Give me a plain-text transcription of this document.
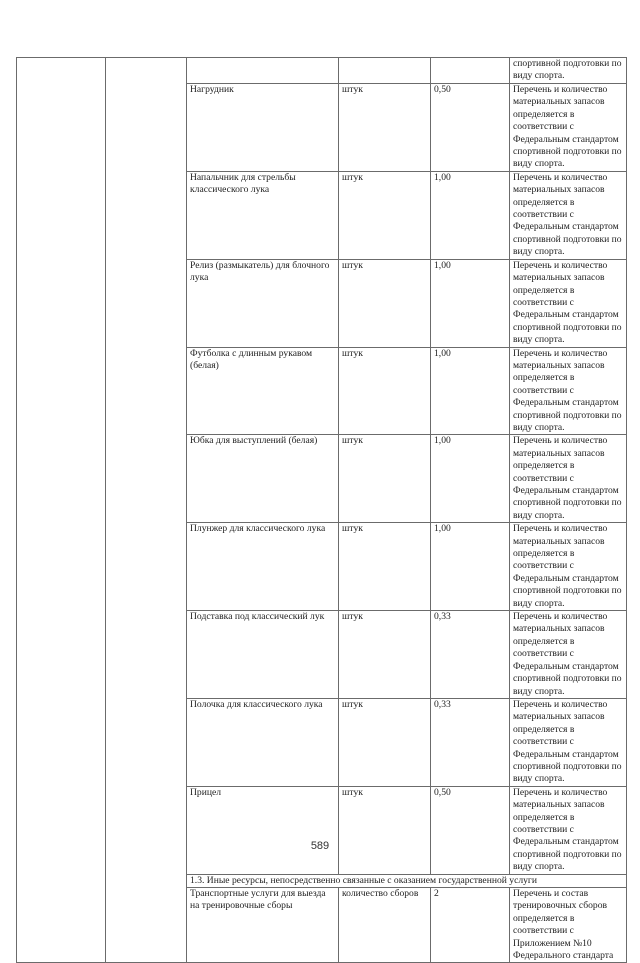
					спортивной подготовки по виду спорта.
		Нагрудник	штук	0,50	Перечень и количество материальных запасов определяется в соответствии с Федеральным стандартом спортивной подготовки по виду спорта.
		Напальчник для стрельбы классического лука	штук	1,00	Перечень и количество материальных запасов определяется в соответствии с Федеральным стандартом спортивной подготовки по виду спорта.
		Релиз (размыкатель) для блочного лука	штук	1,00	Перечень и количество материальных запасов определяется в соответствии с Федеральным стандартом спортивной подготовки по виду спорта.
		Футболка с длинным рукавом (белая)	штук	1,00	Перечень и количество материальных запасов определяется в соответствии с Федеральным стандартом спортивной подготовки по виду спорта.
		Юбка для выступлений (белая)	штук	1,00	Перечень и количество материальных запасов определяется в соответствии с Федеральным стандартом спортивной подготовки по виду спорта.
		Плунжер для классического лука	штук	1,00	Перечень и количество материальных запасов определяется в соответствии с Федеральным стандартом спортивной подготовки по виду спорта.
		Подставка под классический лук	штук	0,33	Перечень и количество материальных запасов определяется в соответствии с Федеральным стандартом спортивной подготовки по виду спорта.
		Полочка для классического лука	штук	0,33	Перечень и количество материальных запасов определяется в соответствии с Федеральным стандартом спортивной подготовки по виду спорта.
		Прицел	штук	0,50	Перечень и количество материальных запасов определяется в соответствии с Федеральным стандартом спортивной подготовки по виду спорта.
		1.3. Иные ресурсы, непосредственно связанные с оказанием государственной услуги			
		Транспортные услуги для выезда на тренировочные сборы	количество сборов	2	Перечень и состав тренировочных сборов определяется в соответствии с Приложением №10 Федерального стандарта
589
